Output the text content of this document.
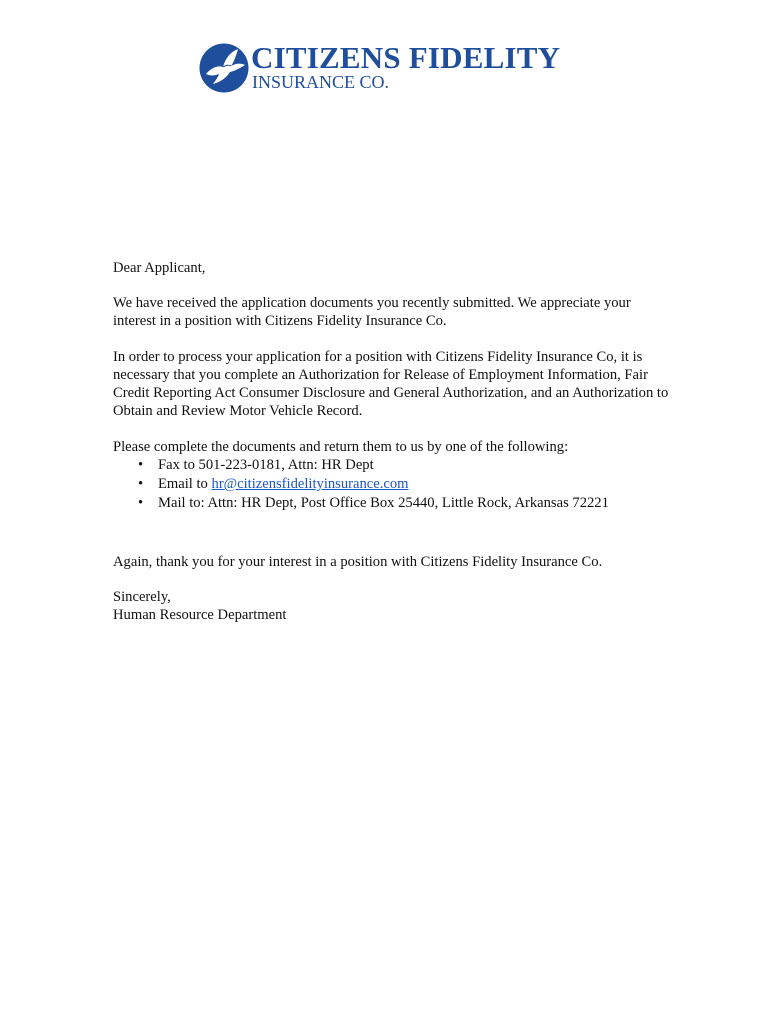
CITIZENS FIDELITY
INSURANCE CO.

Dear Applicant,

We have received the application documents you recently submitted. We appreciate your interest in a position with Citizens Fidelity Insurance Co.

In order to process your application for a position with Citizens Fidelity Insurance Co, it is necessary that you complete an Authorization for Release of Employment Information, Fair Credit Reporting Act Consumer Disclosure and General Authorization, and an Authorization to Obtain and Review Motor Vehicle Record.

Please complete the documents and return them to us by one of the following:

• Fax to 501-223-0181, Attn: HR Dept
• Email to hr@citizensfidelityinsurance.com
• Mail to: Attn: HR Dept, Post Office Box 25440, Little Rock, Arkansas 72221

Again, thank you for your interest in a position with Citizens Fidelity Insurance Co.

Sincerely,

Human Resource Department
